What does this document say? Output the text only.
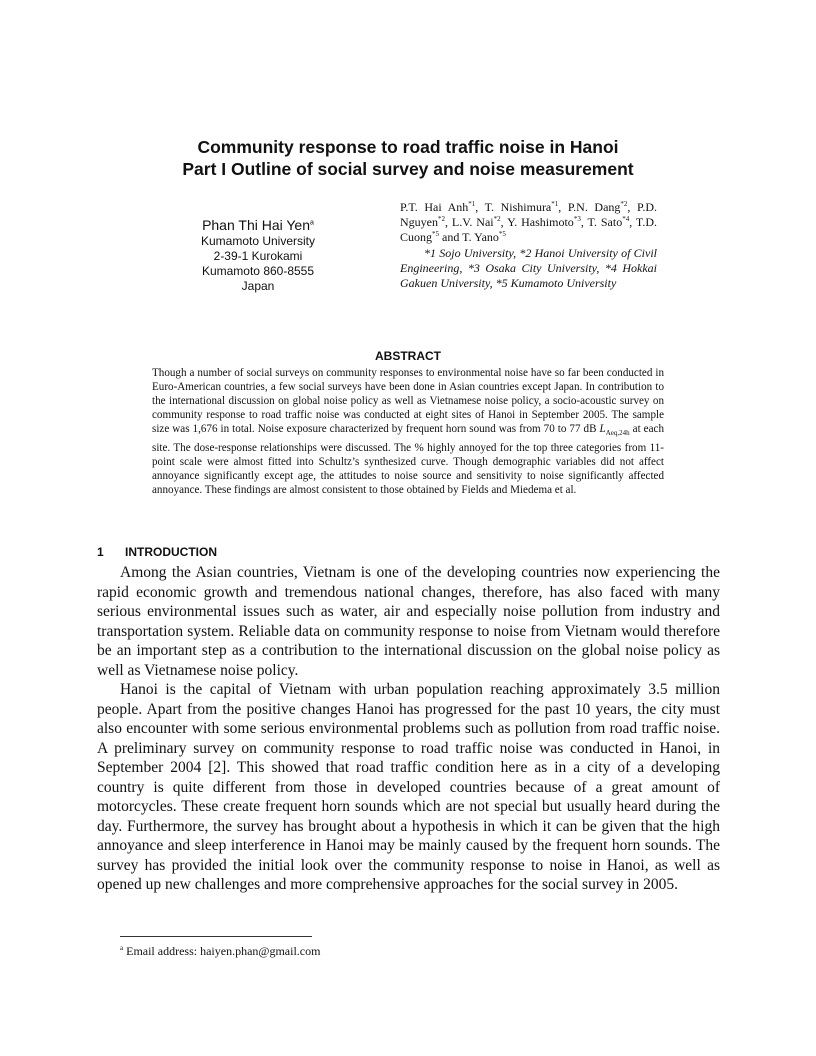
Community response to road traffic noise in Hanoi
Part I Outline of social survey and noise measurement
Phan Thi Hai Yen$^a$
Kumamoto University
2-39-1 Kurokami
Kumamoto 860-8555
Japan
P.T. Hai Anh$^{*1}$, T. Nishimura$^{*1}$, P.N. Dang$^{*2}$, P.D. Nguyen$^{*2}$, L.V. Nai$^{*2}$, Y. Hashimoto$^{*3}$, T. Sato$^{*4}$, T.D. Cuong$^{*5}$ and T. Yano$^{*5}$
*1 Sojo University, *2 Hanoi University of Civil Engineering, *3 Osaka City University, *4 Hokkai Gakuen University, *5 Kumamoto University
ABSTRACT
Though a number of social surveys on community responses to environmental noise have so far been conducted in Euro-American countries, a few social surveys have been done in Asian countries except Japan. In contribution to the international discussion on global noise policy as well as Vietnamese noise policy, a socio-acoustic survey on community response to road traffic noise was conducted at eight sites of Hanoi in September 2005. The sample size was 1,676 in total. Noise exposure characterized by frequent horn sound was from 70 to 77 dB $L_{Aeq,24h}$ at each site. The dose-response relationships were discussed. The % highly annoyed for the top three categories from 11-point scale were almost fitted into Schultz’s synthesized curve. Though demographic variables did not affect annoyance significantly except age, the attitudes to noise source and sensitivity to noise significantly affected annoyance. These findings are almost consistent to those obtained by Fields and Miedema et al.
1 INTRODUCTION

Among the Asian countries, Vietnam is one of the developing countries now experiencing the rapid economic growth and tremendous national changes, therefore, has also faced with many serious environmental issues such as water, air and especially noise pollution from industry and transportation system. Reliable data on community response to noise from Vietnam would therefore be an important step as a contribution to the international discussion on the global noise policy as well as Vietnamese noise policy.

Hanoi is the capital of Vietnam with urban population reaching approximately 3.5 million people. Apart from the positive changes Hanoi has progressed for the past 10 years, the city must also encounter with some serious environmental problems such as pollution from road traffic noise. A preliminary survey on community response to road traffic noise was conducted in Hanoi, in September 2004 [2]. This showed that road traffic condition here as in a city of a developing country is quite different from those in developed countries because of a great amount of motorcycles. These create frequent horn sounds which are not special but usually heard during the day. Furthermore, the survey has brought about a hypothesis in which it can be given that the high annoyance and sleep interference in Hanoi may be mainly caused by the frequent horn sounds. The survey has provided the initial look over the community response to noise in Hanoi, as well as opened up new challenges and more comprehensive approaches for the social survey in 2005.

$^a$ Email address: haiyen.phan@gmail.com
